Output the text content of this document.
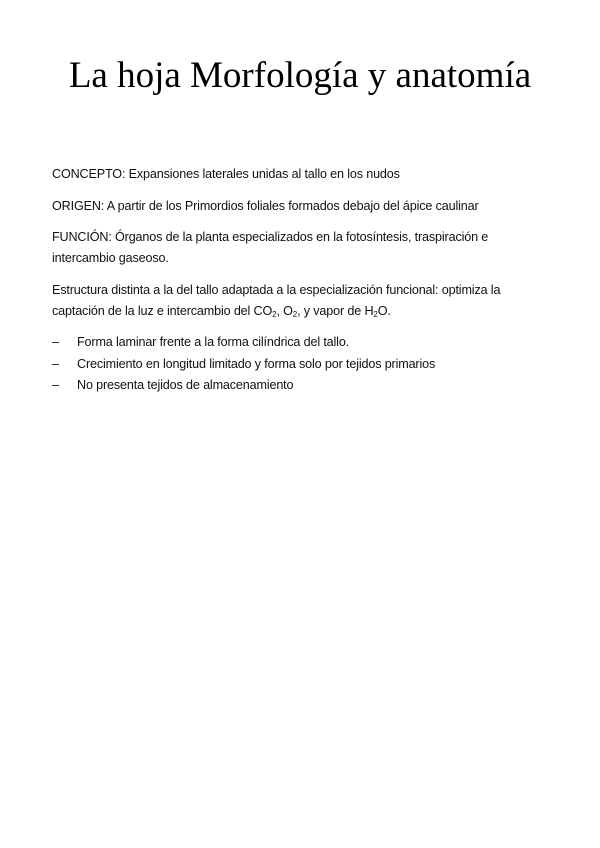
La hoja Morfología y anatomía

CONCEPTO: Expansiones laterales unidas al tallo en los nudos

ORIGEN: A partir de los Primordios foliales formados debajo del ápice caulinar

FUNCIÓN: Órganos de la planta especializados en la fotosíntesis, traspiración e intercambio gaseoso.

Estructura distinta a la del tallo adaptada a la especialización funcional: optimiza la captación de la luz e intercambio del $CO_2$, $O_2$, y vapor de $H_2O$.

– Forma laminar frente a la forma cilíndrica del tallo.
– Crecimiento en longitud limitado y forma solo por tejidos primarios
– No presenta tejidos de almacenamiento
